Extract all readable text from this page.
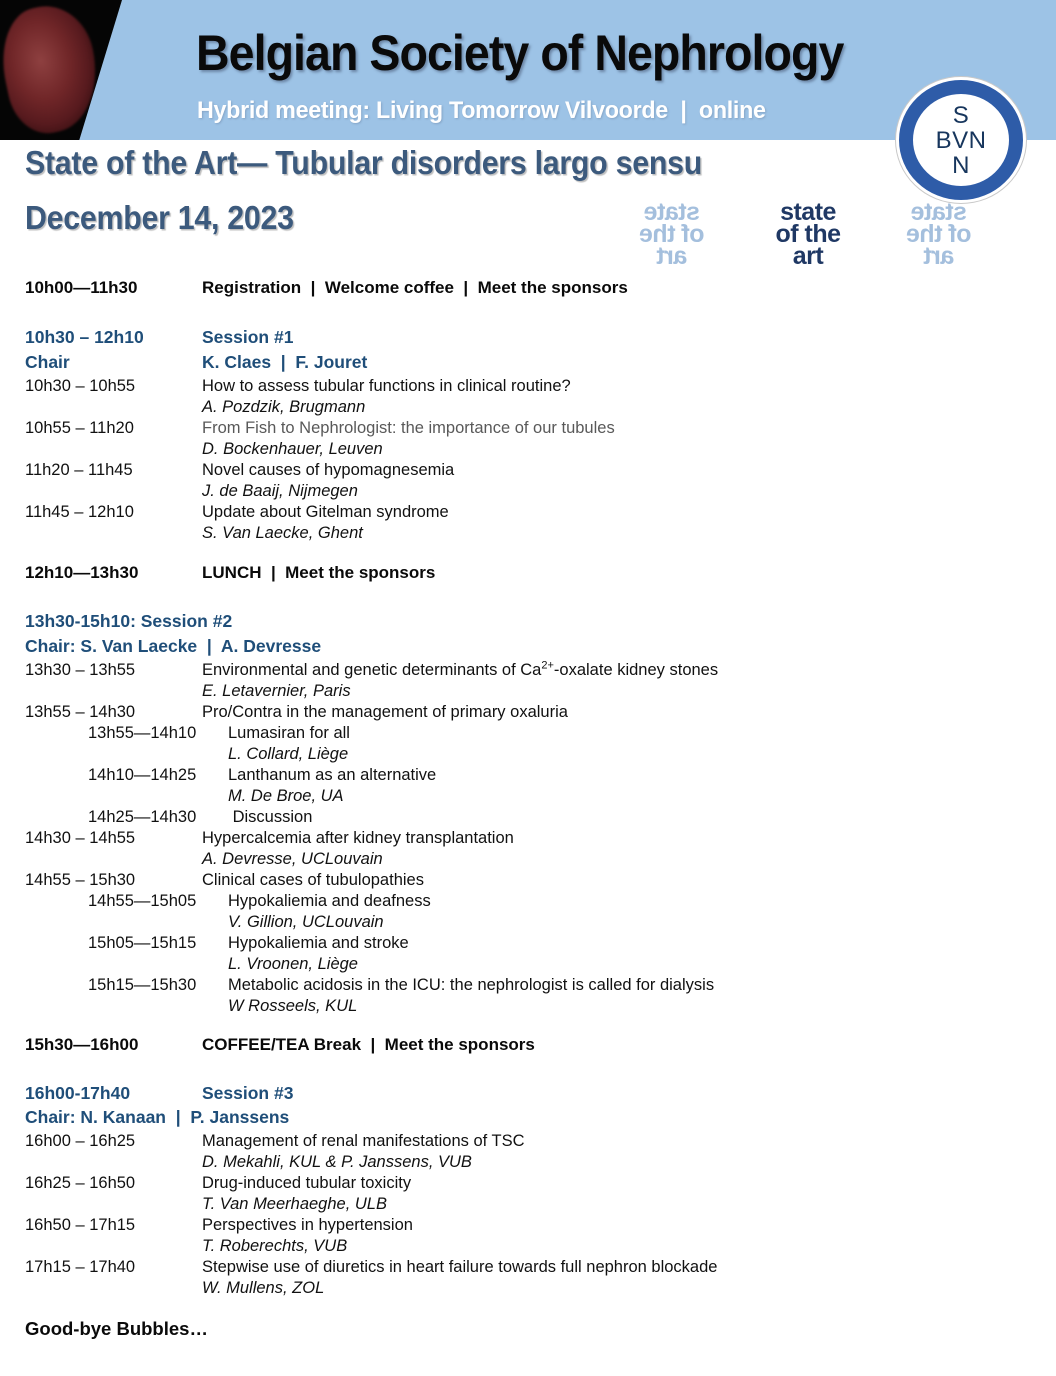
Belgian Society of Nephrology
Hybrid meeting: Living Tomorrow Vilvoorde  |  online	S
BVN
N
State of the Art— Tubular disorders largo sensu
December 14, 2023	state
of the
art
state
of the
art
state
of the
art
10h00—11h30	Registration  |  Welcome coffee  |  Meet the sponsors
10h30 – 12h10	Session #1
Chair	K. Claes  |  F. Jouret
10h30 – 10h55	How to assess tubular functions in clinical routine?
A. Pozdzik, Brugmann
10h55 – 11h20	From Fish to Nephrologist: the importance of our tubules
D. Bockenhauer, Leuven
11h20 – 11h45	Novel causes of hypomagnesemia
J. de Baaij, Nijmegen
11h45 – 12h10	Update about Gitelman syndrome
S. Van Laecke, Ghent
12h10—13h30	LUNCH  |  Meet the sponsors
13h30-15h10: Session #2
Chair: S. Van Laecke  |  A. Devresse
13h30 – 13h55	Environmental and genetic determinants of $Ca^{2+}$-oxalate kidney stones
E. Letavernier, Paris
13h55 – 14h30	Pro/Contra in the management of primary oxaluria
13h55—14h10	Lumasiran for all
L. Collard, Liège
14h10—14h25	Lanthanum as an alternative
M. De Broe, UA
14h25—14h30	Discussion
14h30 – 14h55	Hypercalcemia after kidney transplantation
A. Devresse, UCLouvain
14h55 – 15h30	Clinical cases of tubulopathies
14h55—15h05	Hypokaliemia and deafness
V. Gillion, UCLouvain
15h05—15h15	Hypokaliemia and stroke
L. Vroonen, Liège
15h15—15h30	Metabolic acidosis in the ICU: the nephrologist is called for dialysis
W Rosseels, KUL
15h30—16h00	COFFEE/TEA Break  |  Meet the sponsors
16h00-17h40	Session #3
Chair: N. Kanaan  |  P. Janssens
16h00 – 16h25	Management of renal manifestations of TSC
D. Mekahli, KUL & P. Janssens, VUB
16h25 – 16h50	Drug-induced tubular toxicity
T. Van Meerhaeghe, ULB
16h50 – 17h15	Perspectives in hypertension
T. Roberechts, VUB
17h15 – 17h40	Stepwise use of diuretics in heart failure towards full nephron blockade
W. Mullens, ZOL
Good-bye Bubbles…
